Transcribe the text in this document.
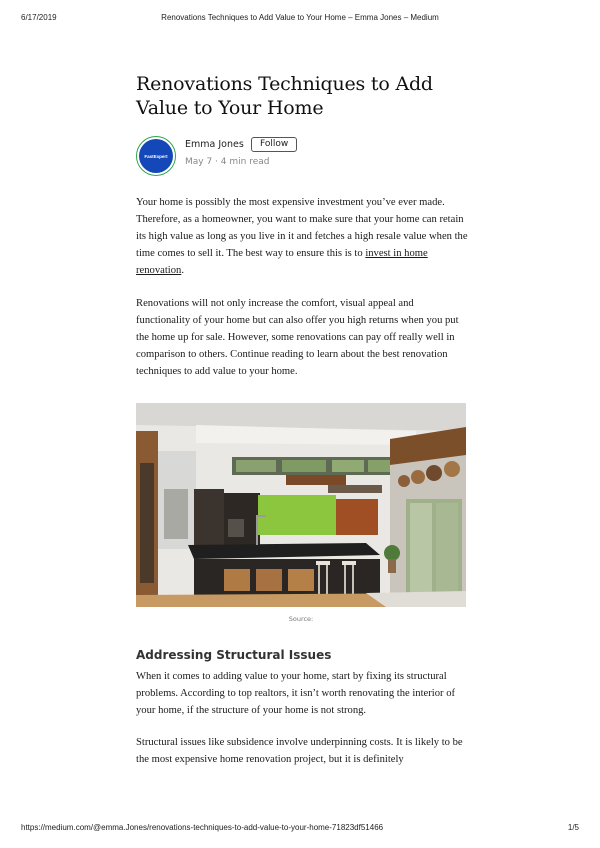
6/17/2019	Renovations Techniques to Add Value to Your Home – Emma Jones – Medium
Renovations Techniques to Add Value to Your Home
FastExpert
Emma Jones	Follow
May 7 · 4 min read

Your home is possibly the most expensive investment you’ve ever made. Therefore, as a homeowner, you want to make sure that your home can retain its high value as long as you live in it and fetches a high resale value when the time comes to sell it. The best way to ensure this is to invest in home renovation.

Renovations will not only increase the comfort, visual appeal and functionality of your home but can also offer you high returns when you put the home up for sale. However, some renovations can pay off really well in comparison to others. Continue reading to learn about the best renovation techniques to add value to your home.

Source:
Addressing Structural Issues

When it comes to adding value to your home, start by fixing its structural problems. According to top realtors, it isn’t worth renovating the interior of your home, if the structure of your home is not strong.

Structural issues like subsidence involve underpinning costs. It is likely to be the most expensive home renovation project, but it is definitely

https://medium.com/@emma.Jones/renovations-techniques-to-add-value-to-your-home-71823df51466	1/5
